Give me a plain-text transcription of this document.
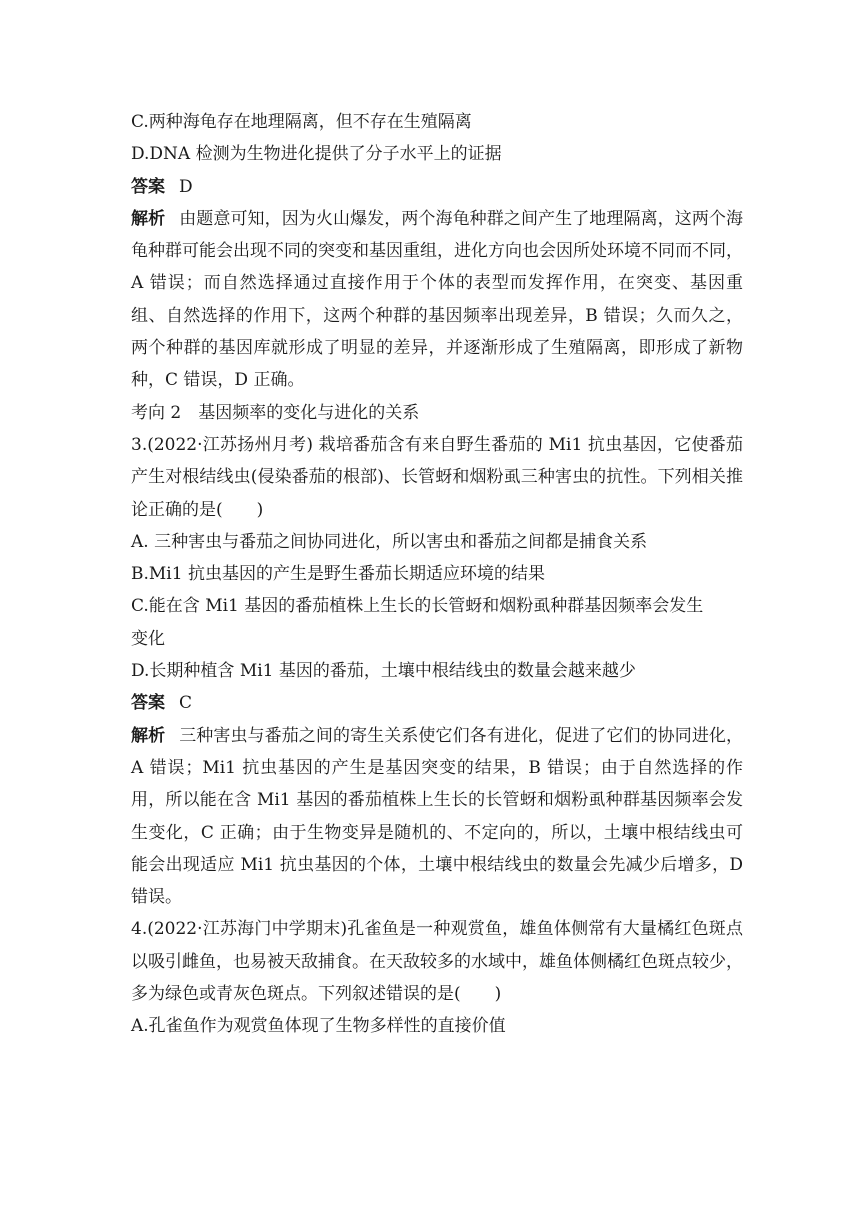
C.两种海龟存在地理隔离，但不存在生殖隔离
D.DNA 检测为生物进化提供了分子水平上的证据
答案 D
解析 由题意可知，因为火山爆发，两个海龟种群之间产生了地理隔离，这两个海龟种群可能会出现不同的突变和基因重组，进化方向也会因所处环境不同而不同，A 错误；而自然选择通过直接作用于个体的表型而发挥作用，在突变、基因重组、自然选择的作用下，这两个种群的基因频率出现差异，B 错误；久而久之，两个种群的基因库就形成了明显的差异，并逐渐形成了生殖隔离，即形成了新物种，C 错误，D 正确。
考向 2　基因频率的变化与进化的关系
3.(2022·江苏扬州月考) 栽培番茄含有来自野生番茄的 Mi1 抗虫基因，它使番茄产生对根结线虫(侵染番茄的根部)、长管蚜和烟粉虱三种害虫的抗性。下列相关推论正确的是(　　)
A. 三种害虫与番茄之间协同进化，所以害虫和番茄之间都是捕食关系
B.Mi1 抗虫基因的产生是野生番茄长期适应环境的结果
C.能在含 Mi1 基因的番茄植株上生长的长管蚜和烟粉虱种群基因频率会发生
变化
D.长期种植含 Mi1 基因的番茄，土壤中根结线虫的数量会越来越少
答案 C
解析 三种害虫与番茄之间的寄生关系使它们各有进化，促进了它们的协同进化，A 错误；Mi1 抗虫基因的产生是基因突变的结果，B 错误；由于自然选择的作用，所以能在含 Mi1 基因的番茄植株上生长的长管蚜和烟粉虱种群基因频率会发生变化，C 正确；由于生物变异是随机的、不定向的，所以，土壤中根结线虫可能会出现适应 Mi1 抗虫基因的个体，土壤中根结线虫的数量会先减少后增多，D 错误。
4.(2022·江苏海门中学期末)孔雀鱼是一种观赏鱼，雄鱼体侧常有大量橘红色斑点以吸引雌鱼，也易被天敌捕食。在天敌较多的水域中，雄鱼体侧橘红色斑点较少，多为绿色或青灰色斑点。下列叙述错误的是(　　)
A.孔雀鱼作为观赏鱼体现了生物多样性的直接价值
